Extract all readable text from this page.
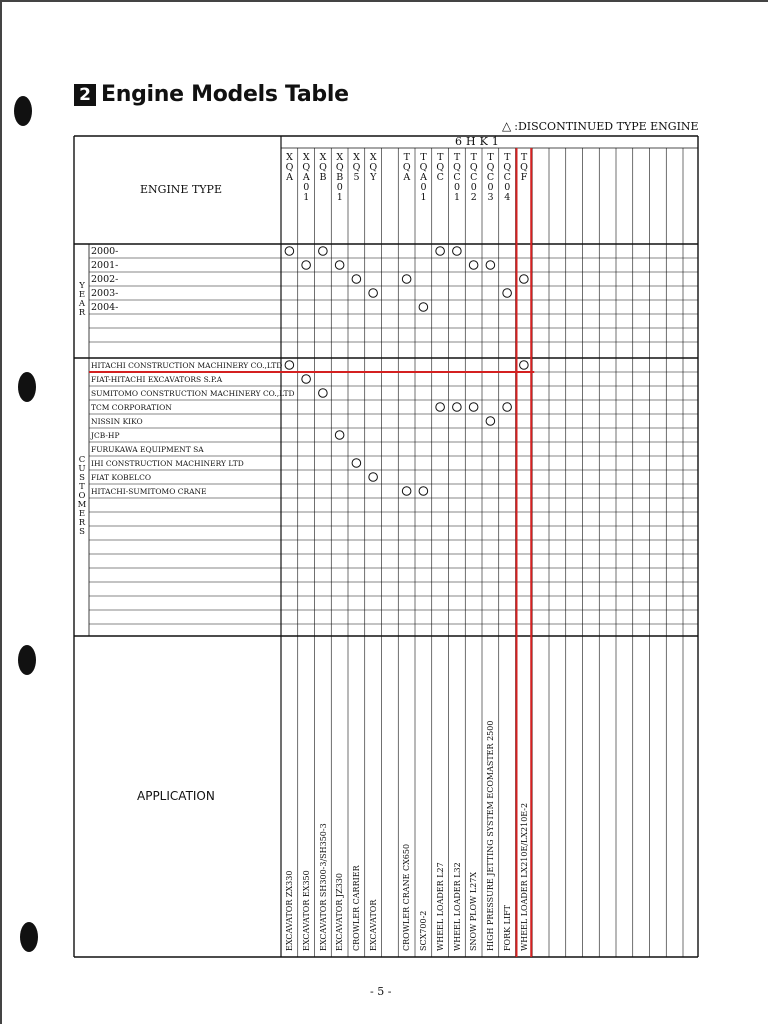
2 Engine Models Table
△ :DISCONTINUED TYPE ENGINE
X
Q
A
EXCAVATOR ZX330
X
Q
A
0
1
EXCAVATOR EX350
X
Q
B
EXCAVATOR SH300-3/SH350-3
X
Q
B
0
1
EXCAVATOR JZ330
X
Q
5
CROWLER CARRIER
X
Q
Y
EXCAVATOR
T
Q
A
CROWLER CRANE CX650
T
Q
A
0
1
SCX700-2
T
Q
C
WHEEL LOADER L27
T
Q
C
0
1
WHEEL LOADER L32
T
Q
C
0
2
SNOW PLOW L27X
T
Q
C
0
3
HIGH PRESSURE JETTING SYSTEM ECOMASTER 2500
T
Q
C
0
4
FORK LIFT
T
Q
F
WHEEL LOADER LX210E/LX210E-2
6HK1
ENGINE TYPE
APPLICATION
Y
E
A
R
C
U
S
T
O
M
E
R
S
2000-
2001-
2002-
2003-
2004-
HITACHI CONSTRUCTION MACHINERY CO.,LTD
FIAT-HITACHI EXCAVATORS S.P.A
SUMITOMO CONSTRUCTION MACHINERY CO.,LTD
TCM CORPORATION
NISSIN KIKO
JCB-HP
FURUKAWA EQUIPMENT SA
IHI CONSTRUCTION MACHINERY LTD
FIAT KOBELCO
HITACHI-SUMITOMO CRANE
- 5 -
